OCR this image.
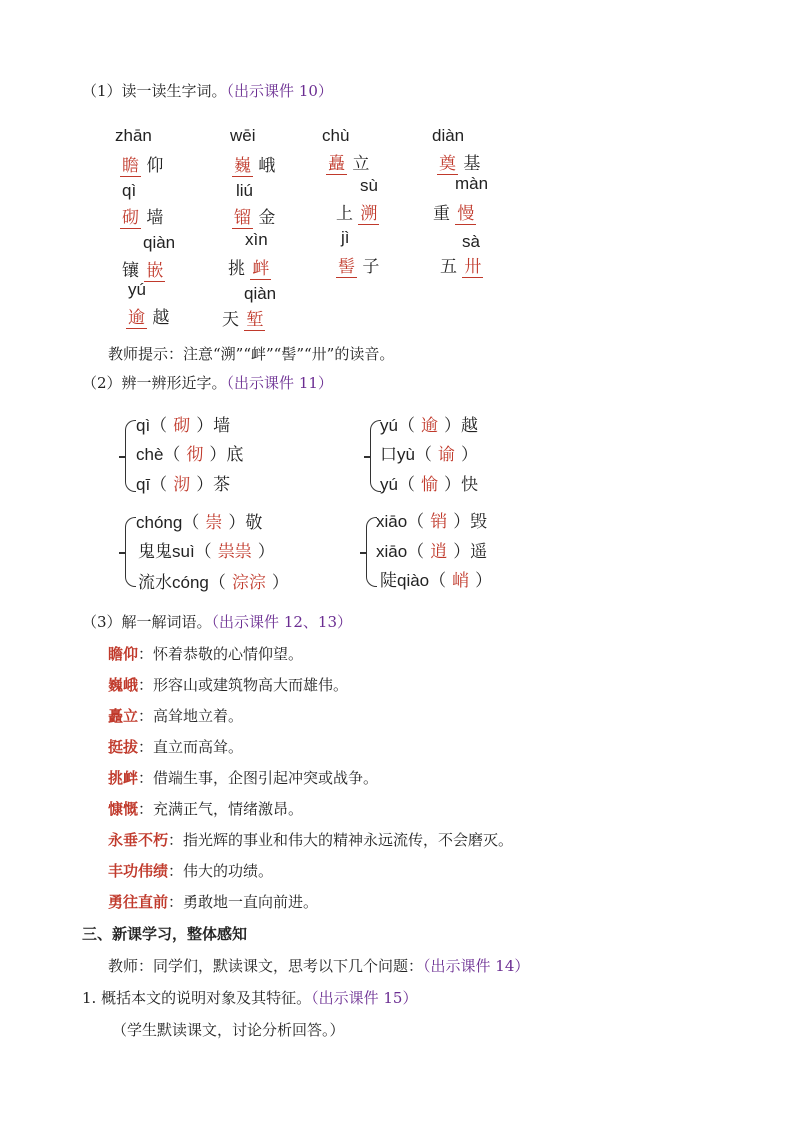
（1）读一读生字词。（出示课件 10）
zhān
瞻 仰
wēi
巍 峨
chù
矗 立
diàn
奠 基
qì
砌 墙
liú
镏 金
sù
上 溯
màn
重 慢
qiàn
镶 嵌
xìn
挑 衅
jì
髻 子
sà
五 卅
yú
逾 越
qiàn
天 堑
教师提示：注意“溯”“衅”“髻”“卅”的读音。
（2）辨一辨形近字。（出示课件 11）
qì（ 砌 ）墙
chè（ 彻 ）底
qī（ 沏 ）茶
yú（ 逾 ）越
口yù（ 谕 ）
yú（ 愉 ）快
chóng（ 崇 ）敬
鬼鬼suì（ 祟祟 ）
流水cóng（ 淙淙 ）
xiāo（ 销 ）毁
xiāo（ 逍 ）遥
陡qiào（ 峭 ）
（3）解一解词语。（出示课件 12、13）
瞻仰：怀着恭敬的心情仰望。
巍峨：形容山或建筑物高大而雄伟。
矗立：高耸地立着。
挺拔：直立而高耸。
挑衅：借端生事，企图引起冲突或战争。
慷慨：充满正气，情绪激昂。
永垂不朽：指光辉的事业和伟大的精神永远流传，不会磨灭。
丰功伟绩：伟大的功绩。
勇往直前：勇敢地一直向前进。
三、新课学习，整体感知
教师：同学们，默读课文，思考以下几个问题：（出示课件 14）
1. 概括本文的说明对象及其特征。（出示课件 15）
（学生默读课文，讨论分析回答。）
